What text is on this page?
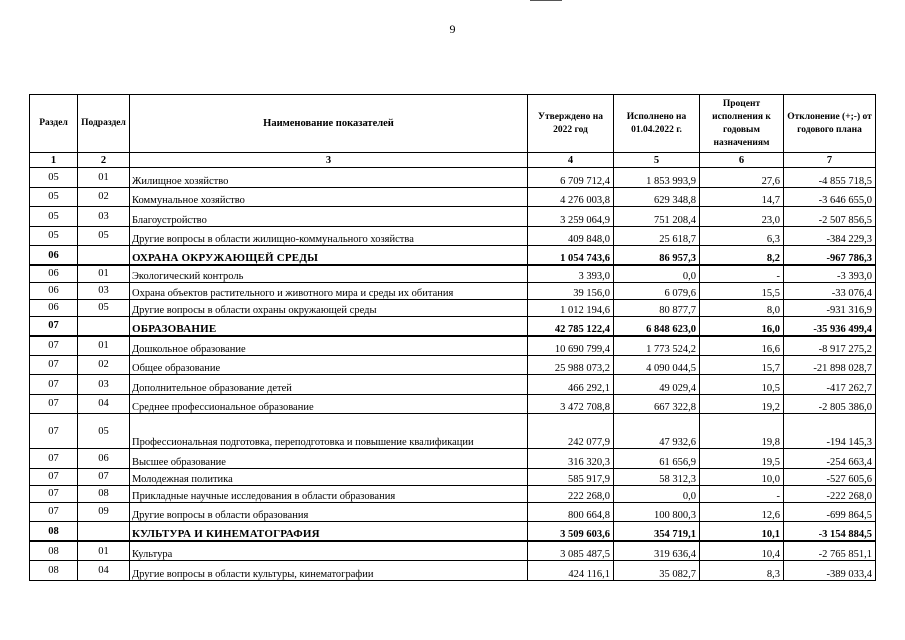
9
Раздел	Подраздел	Наименование показателей	Утверждено на 2022 год	Исполнено на 01.04.2022 г.	Процент исполнения к годовым назначениям	Отклонение (+;-) от годового плана
1	2	3	4	5	6	7
05	01	Жилищное хозяйство	6 709 712,4	1 853 993,9	27,6	-4 855 718,5
05	02	Коммунальное хозяйство	4 276 003,8	629 348,8	14,7	-3 646 655,0
05	03	Благоустройство	3 259 064,9	751 208,4	23,0	-2 507 856,5
05	05	Другие вопросы в области жилищно-коммунального хозяйства	409 848,0	25 618,7	6,3	-384 229,3
06		ОХРАНА ОКРУЖАЮЩЕЙ СРЕДЫ	1 054 743,6	86 957,3	8,2	-967 786,3
06	01	Экологический контроль	3 393,0	0,0	-	-3 393,0
06	03	Охрана объектов растительного и животного мира и среды их обитания	39 156,0	6 079,6	15,5	-33 076,4
06	05	Другие вопросы в области охраны окружающей среды	1 012 194,6	80 877,7	8,0	-931 316,9
07		ОБРАЗОВАНИЕ	42 785 122,4	6 848 623,0	16,0	-35 936 499,4
07	01	Дошкольное образование	10 690 799,4	1 773 524,2	16,6	-8 917 275,2
07	02	Общее образование	25 988 073,2	4 090 044,5	15,7	-21 898 028,7
07	03	Дополнительное образование детей	466 292,1	49 029,4	10,5	-417 262,7
07	04	Среднее профессиональное образование	3 472 708,8	667 322,8	19,2	-2 805 386,0
07	05	Профессиональная подготовка, переподготовка и повышение квалификации	242 077,9	47 932,6	19,8	-194 145,3
07	06	Высшее образование	316 320,3	61 656,9	19,5	-254 663,4
07	07	Молодежная политика	585 917,9	58 312,3	10,0	-527 605,6
07	08	Прикладные научные исследования в области образования	222 268,0	0,0	-	-222 268,0
07	09	Другие вопросы в области образования	800 664,8	100 800,3	12,6	-699 864,5
08		КУЛЬТУРА И КИНЕМАТОГРАФИЯ	3 509 603,6	354 719,1	10,1	-3 154 884,5
08	01	Культура	3 085 487,5	319 636,4	10,4	-2 765 851,1
08	04	Другие вопросы в области культуры, кинематографии	424 116,1	35 082,7	8,3	-389 033,4
